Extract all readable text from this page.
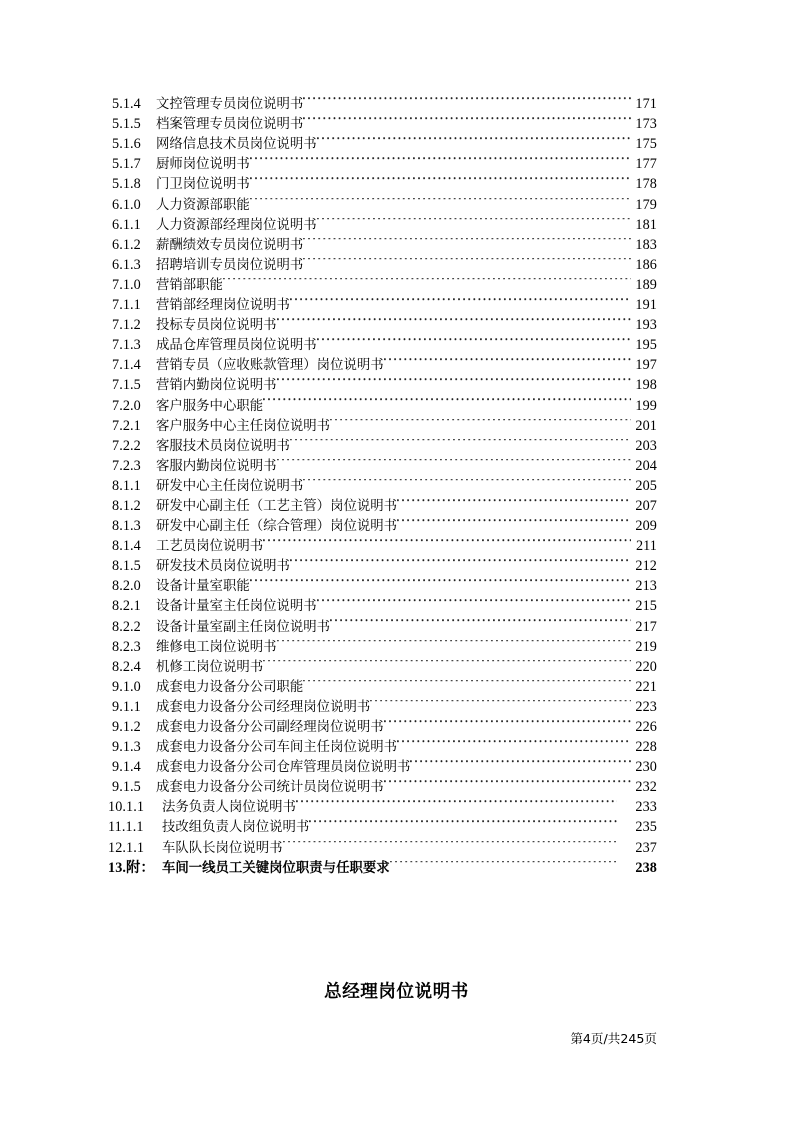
5.1.4	文控管理专员岗位说明书	171
5.1.5	档案管理专员岗位说明书	173
5.1.6	网络信息技术员岗位说明书	175
5.1.7	厨师岗位说明书	177
5.1.8	门卫岗位说明书	178
6.1.0	人力资源部职能	179
6.1.1	人力资源部经理岗位说明书	181
6.1.2	薪酬绩效专员岗位说明书	183
6.1.3	招聘培训专员岗位说明书	186
7.1.0	营销部职能	189
7.1.1	营销部经理岗位说明书	191
7.1.2	投标专员岗位说明书	193
7.1.3	成品仓库管理员岗位说明书	195
7.1.4	营销专员（应收账款管理）岗位说明书	197
7.1.5	营销内勤岗位说明书	198
7.2.0	客户服务中心职能	199
7.2.1	客户服务中心主任岗位说明书	201
7.2.2	客服技术员岗位说明书	203
7.2.3	客服内勤岗位说明书	204
8.1.1	研发中心主任岗位说明书	205
8.1.2	研发中心副主任（工艺主管）岗位说明书	207
8.1.3	研发中心副主任（综合管理）岗位说明书	209
8.1.4	工艺员岗位说明书	211
8.1.5	研发技术员岗位说明书	212
8.2.0	设备计量室职能	213
8.2.1	设备计量室主任岗位说明书	215
8.2.2	设备计量室副主任岗位说明书	217
8.2.3	维修电工岗位说明书	219
8.2.4	机修工岗位说明书	220
9.1.0	成套电力设备分公司职能	221
9.1.1	成套电力设备分公司经理岗位说明书	223
9.1.2	成套电力设备分公司副经理岗位说明书	226
9.1.3	成套电力设备分公司车间主任岗位说明书	228
9.1.4	成套电力设备分公司仓库管理员岗位说明书	230
9.1.5	成套电力设备分公司统计员岗位说明书	232
10.1.1	法务负责人岗位说明书	233
11.1.1	技改组负责人岗位说明书	235
12.1.1	车队队长岗位说明书	237
13.附： 车间一线员工关键岗位职责与任职要求	238
总经理岗位说明书
第4页/共245页
